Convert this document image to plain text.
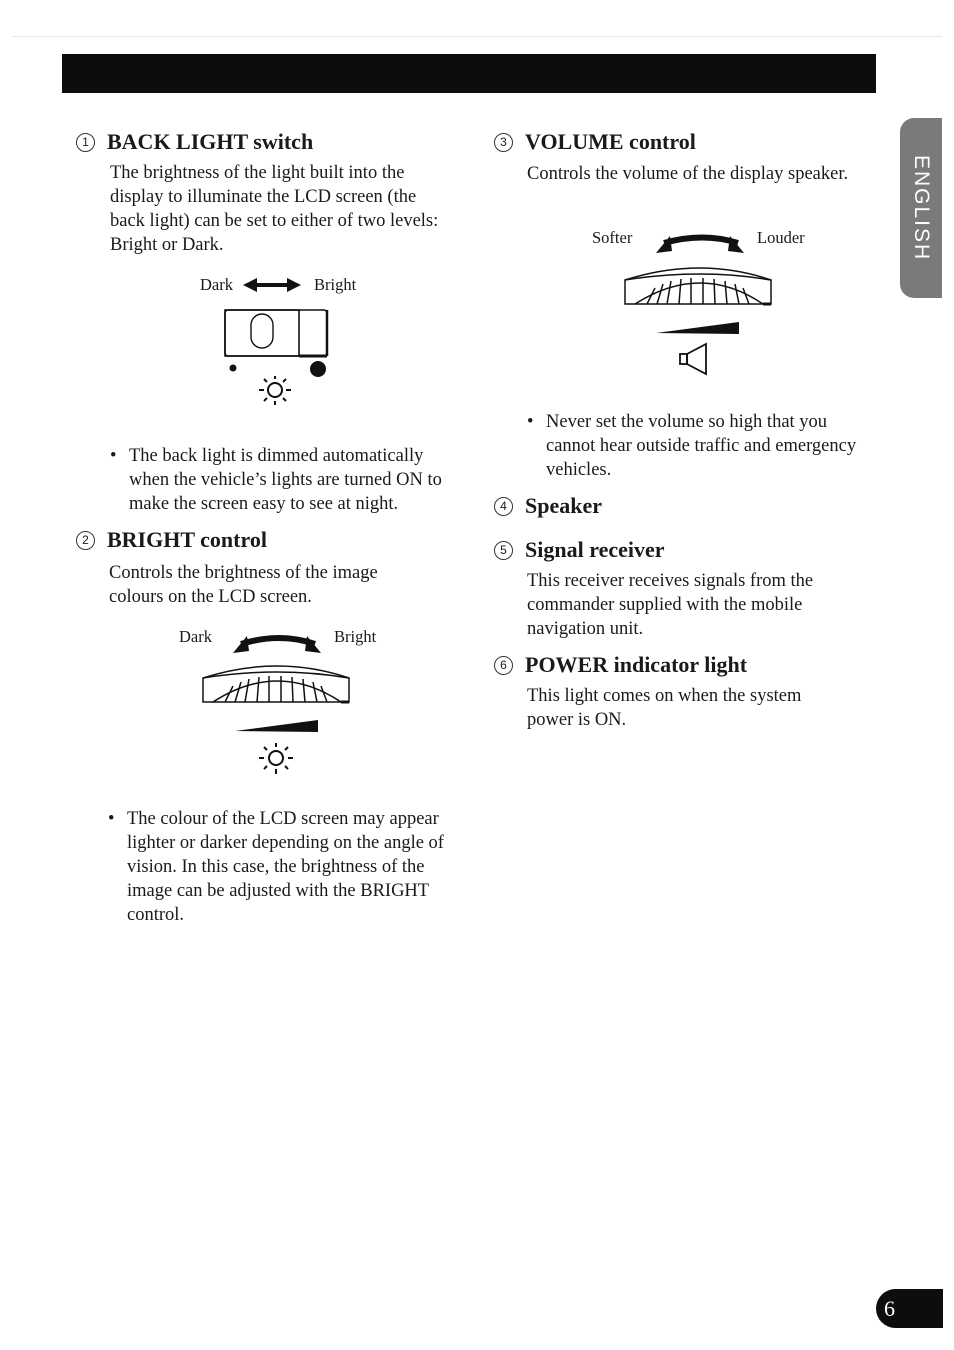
ENGLISH
1 BACK LIGHT switch

The brightness of the light built into the display to illuminate the LCD screen (the back light) can be set to either of two levels: Bright or Dark.

Dark	Bright

• The back light is dimmed automatically when the vehicle’s lights are turned ON to make the screen easy to see at night.

2 BRIGHT control

Controls the brightness of the image colours on the LCD screen.

Dark	Bright

• The colour of the LCD screen may appear lighter or darker depending on the angle of vision. In this case, the brightness of the image can be adjusted with the BRIGHT control.

3 VOLUME control

Controls the volume of the display speaker.

Softer	Louder

• Never set the volume so high that you cannot hear outside traffic and emergency vehicles.

4 Speaker
5 Signal receiver

This receiver receives signals from the commander supplied with the mobile navigation unit.

6 POWER indicator light

This light comes on when the system power is ON.

6
